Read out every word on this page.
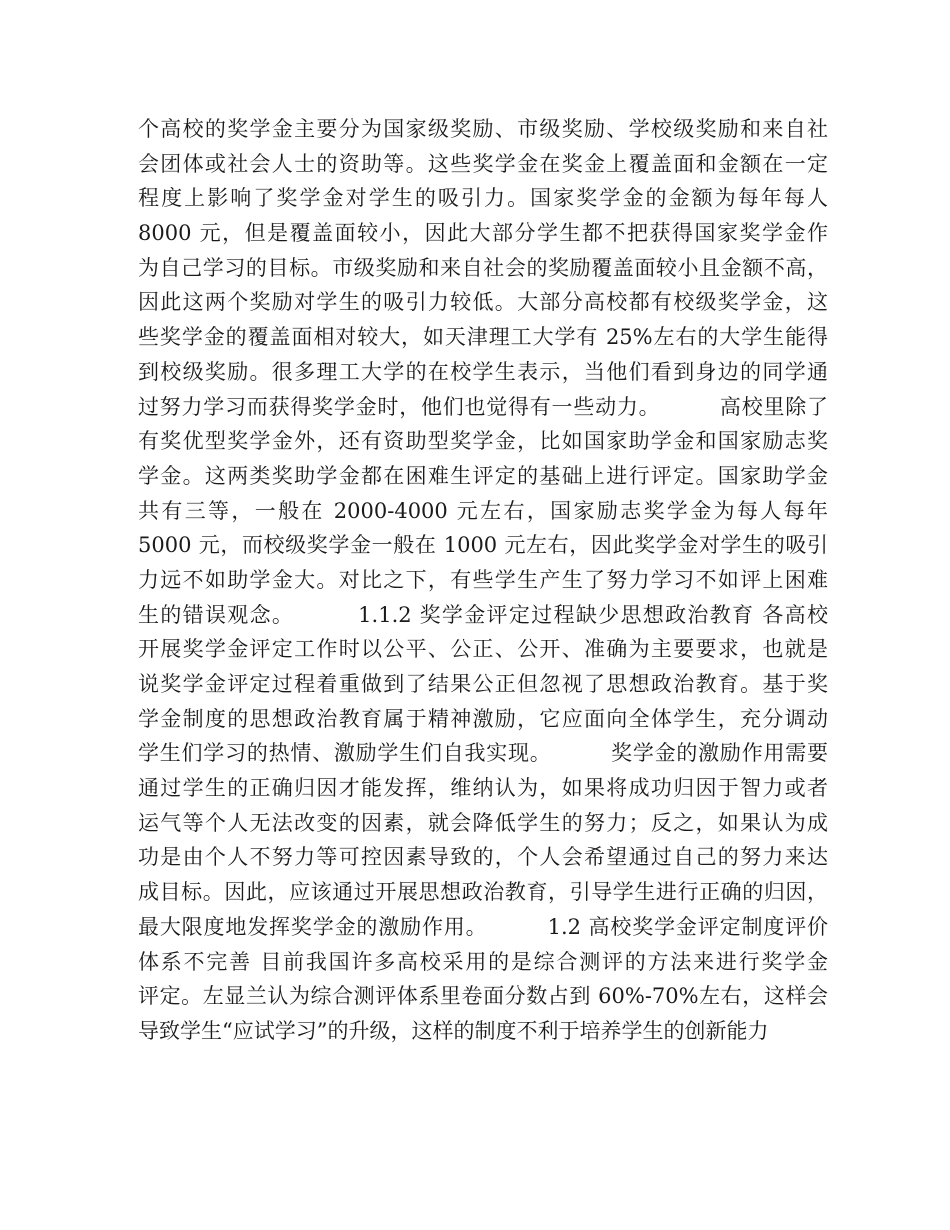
个高校的奖学金主要分为国家级奖励、市级奖励、学校级奖励和来自社
会团体或社会人士的资助等。这些奖学金在奖金上覆盖面和金额在一定
程度上影响了奖学金对学生的吸引力。国家奖学金的金额为每年每人
8000 元，但是覆盖面较小，因此大部分学生都不把获得国家奖学金作
为自己学习的目标。市级奖励和来自社会的奖励覆盖面较小且金额不高，
因此这两个奖励对学生的吸引力较低。大部分高校都有校级奖学金，这
些奖学金的覆盖面相对较大，如天津理工大学有 25%左右的大学生能得
到校级奖励。很多理工大学的在校学生表示，当他们看到身边的同学通
过努力学习而获得奖学金时，他们也觉得有一些动力。        高校里除了
有奖优型奖学金外，还有资助型奖学金，比如国家助学金和国家励志奖
学金。这两类奖助学金都在困难生评定的基础上进行评定。国家助学金
共有三等，一般在 2000-4000 元左右，国家励志奖学金为每人每年
5000 元，而校级奖学金一般在 1000 元左右，因此奖学金对学生的吸引
力远不如助学金大。对比之下，有些学生产生了努力学习不如评上困难
生的错误观念。        1.1.2 奖学金评定过程缺少思想政治教育 各高校
开展奖学金评定工作时以公平、公正、公开、准确为主要要求，也就是
说奖学金评定过程着重做到了结果公正但忽视了思想政治教育。基于奖
学金制度的思想政治教育属于精神激励，它应面向全体学生，充分调动
学生们学习的热情、激励学生们自我实现。        奖学金的激励作用需要
通过学生的正确归因才能发挥，维纳认为，如果将成功归因于智力或者
运气等个人无法改变的因素，就会降低学生的努力；反之，如果认为成
功是由个人不努力等可控因素导致的，个人会希望通过自己的努力来达
成目标。因此，应该通过开展思想政治教育，引导学生进行正确的归因，
最大限度地发挥奖学金的激励作用。        1.2 高校奖学金评定制度评价
体系不完善 目前我国许多高校采用的是综合测评的方法来进行奖学金
评定。左显兰认为综合测评体系里卷面分数占到 60%-70%左右，这样会
导致学生“应试学习”的升级，这样的制度不利于培养学生的创新能力
